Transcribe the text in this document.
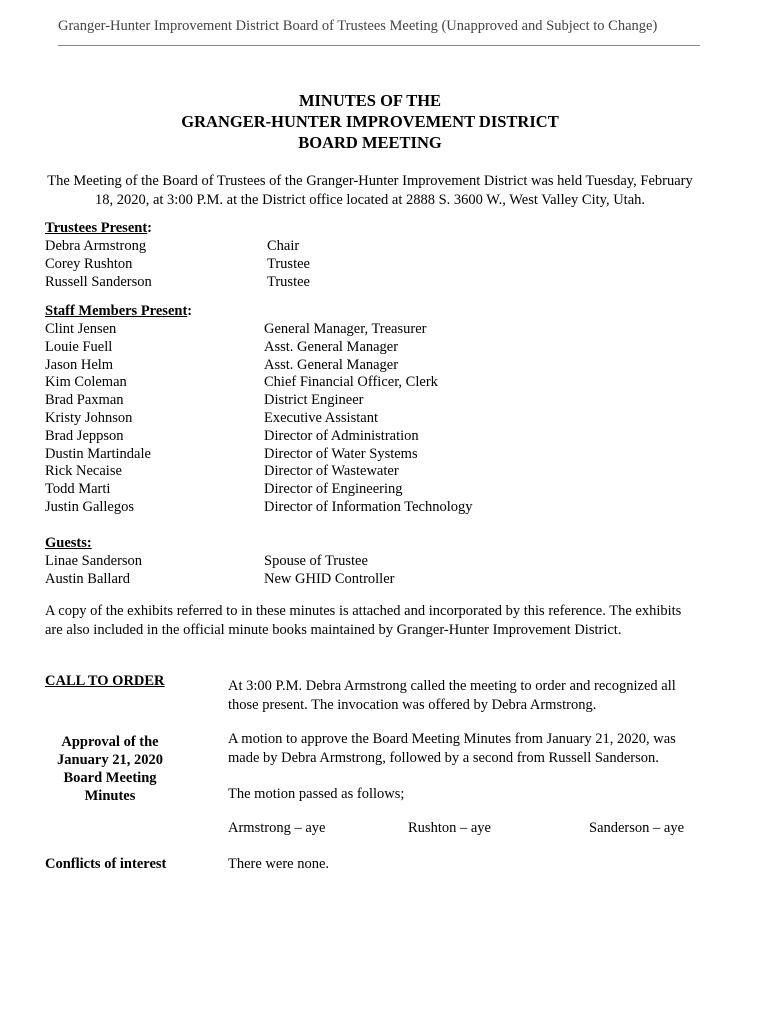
Granger-Hunter Improvement District Board of Trustees Meeting (Unapproved and Subject to Change)
MINUTES OF THE
GRANGER-HUNTER IMPROVEMENT DISTRICT
BOARD MEETING
The Meeting of the Board of Trustees of the Granger-Hunter Improvement District was held Tuesday, February 18, 2020, at 3:00 P.M. at the District office located at 2888 S. 3600 W., West Valley City, Utah.
Trustees Present:
Debra Armstrong	Chair
Corey Rushton	Trustee
Russell Sanderson	Trustee
Staff Members Present:
Clint Jensen	General Manager, Treasurer
Louie Fuell	Asst. General Manager
Jason Helm	Asst. General Manager
Kim Coleman	Chief Financial Officer, Clerk
Brad Paxman	District Engineer
Kristy Johnson	Executive Assistant
Brad Jeppson	Director of Administration
Dustin Martindale	Director of Water Systems
Rick Necaise	Director of Wastewater
Todd Marti	Director of Engineering
Justin Gallegos	Director of Information Technology
Guests:
Linae Sanderson	Spouse of Trustee
Austin Ballard	New GHID Controller
A copy of the exhibits referred to in these minutes is attached and incorporated by this reference. The exhibits are also included in the official minute books maintained by Granger-Hunter Improvement District.
CALL TO ORDER	At 3:00 P.M. Debra Armstrong called the meeting to order and recognized all those present. The invocation was offered by Debra Armstrong.
Approval of the
January 21, 2020
Board Meeting
Minutes
A motion to approve the Board Meeting Minutes from January 21, 2020, was made by Debra Armstrong, followed by a second from Russell Sanderson.
The motion passed as follows;
Armstrong – aye	Rushton – aye	Sanderson – aye
Conflicts of interest	There were none.
